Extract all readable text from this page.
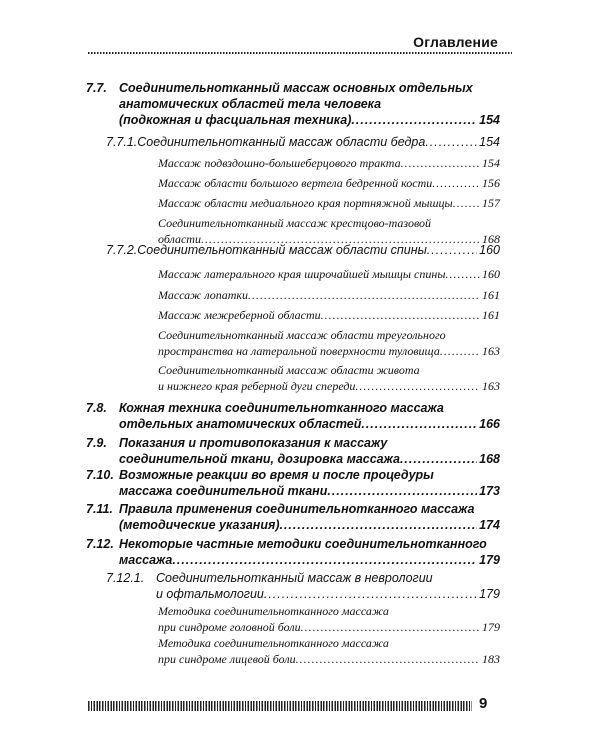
Оглавление
7.7. Соединительнотканный массаж основных отдельных
анатомических областей тела человека
(подкожная и фасциальная техника) .....	154
7.7.1. Соединительнотканный массаж области бедра .....	154
Массаж подвздошно-большеберцового тракта .....	154
Массаж области большого вертела бедренной кости .....	156
Массаж области медиального края портняжной мышцы ..... 157
Соединительнотканный массаж крестцово-тазовой
области .....	168
7.7.2. Соединительнотканный массаж области спины .....	160
Массаж латерального края широчайшей мышцы спины .....	160
Массаж лопатки .....	161
Массаж межреберной области .....	161
Соединительнотканный массаж области треугольного
пространства на латеральной поверхности туловища .....	163
Соединительнотканный массаж области живота
и нижнего края реберной дуги спереди .....	163
7.8. Кожная техника соединительнотканного массажа
отдельных анатомических областей .....	166
7.9. Показания и противопоказания к массажу
соединительной ткани, дозировка массажа .....	168
7.10. Возможные реакции во время и после процедуры
массажа соединительной ткани .....	173
7.11. Правила применения соединительнотканного массажа
(методические указания) .....	174
7.12. Некоторые частные методики соединительнотканного
массажа .....	179
7.12.1. Соединительнотканный массаж в неврологии
и офтальмологии .....	179
Методика соединительнотканного массажа
при синдроме головной боли .....	179
Методика соединительнотканного массажа
при синдроме лицевой боли .....	183
9
